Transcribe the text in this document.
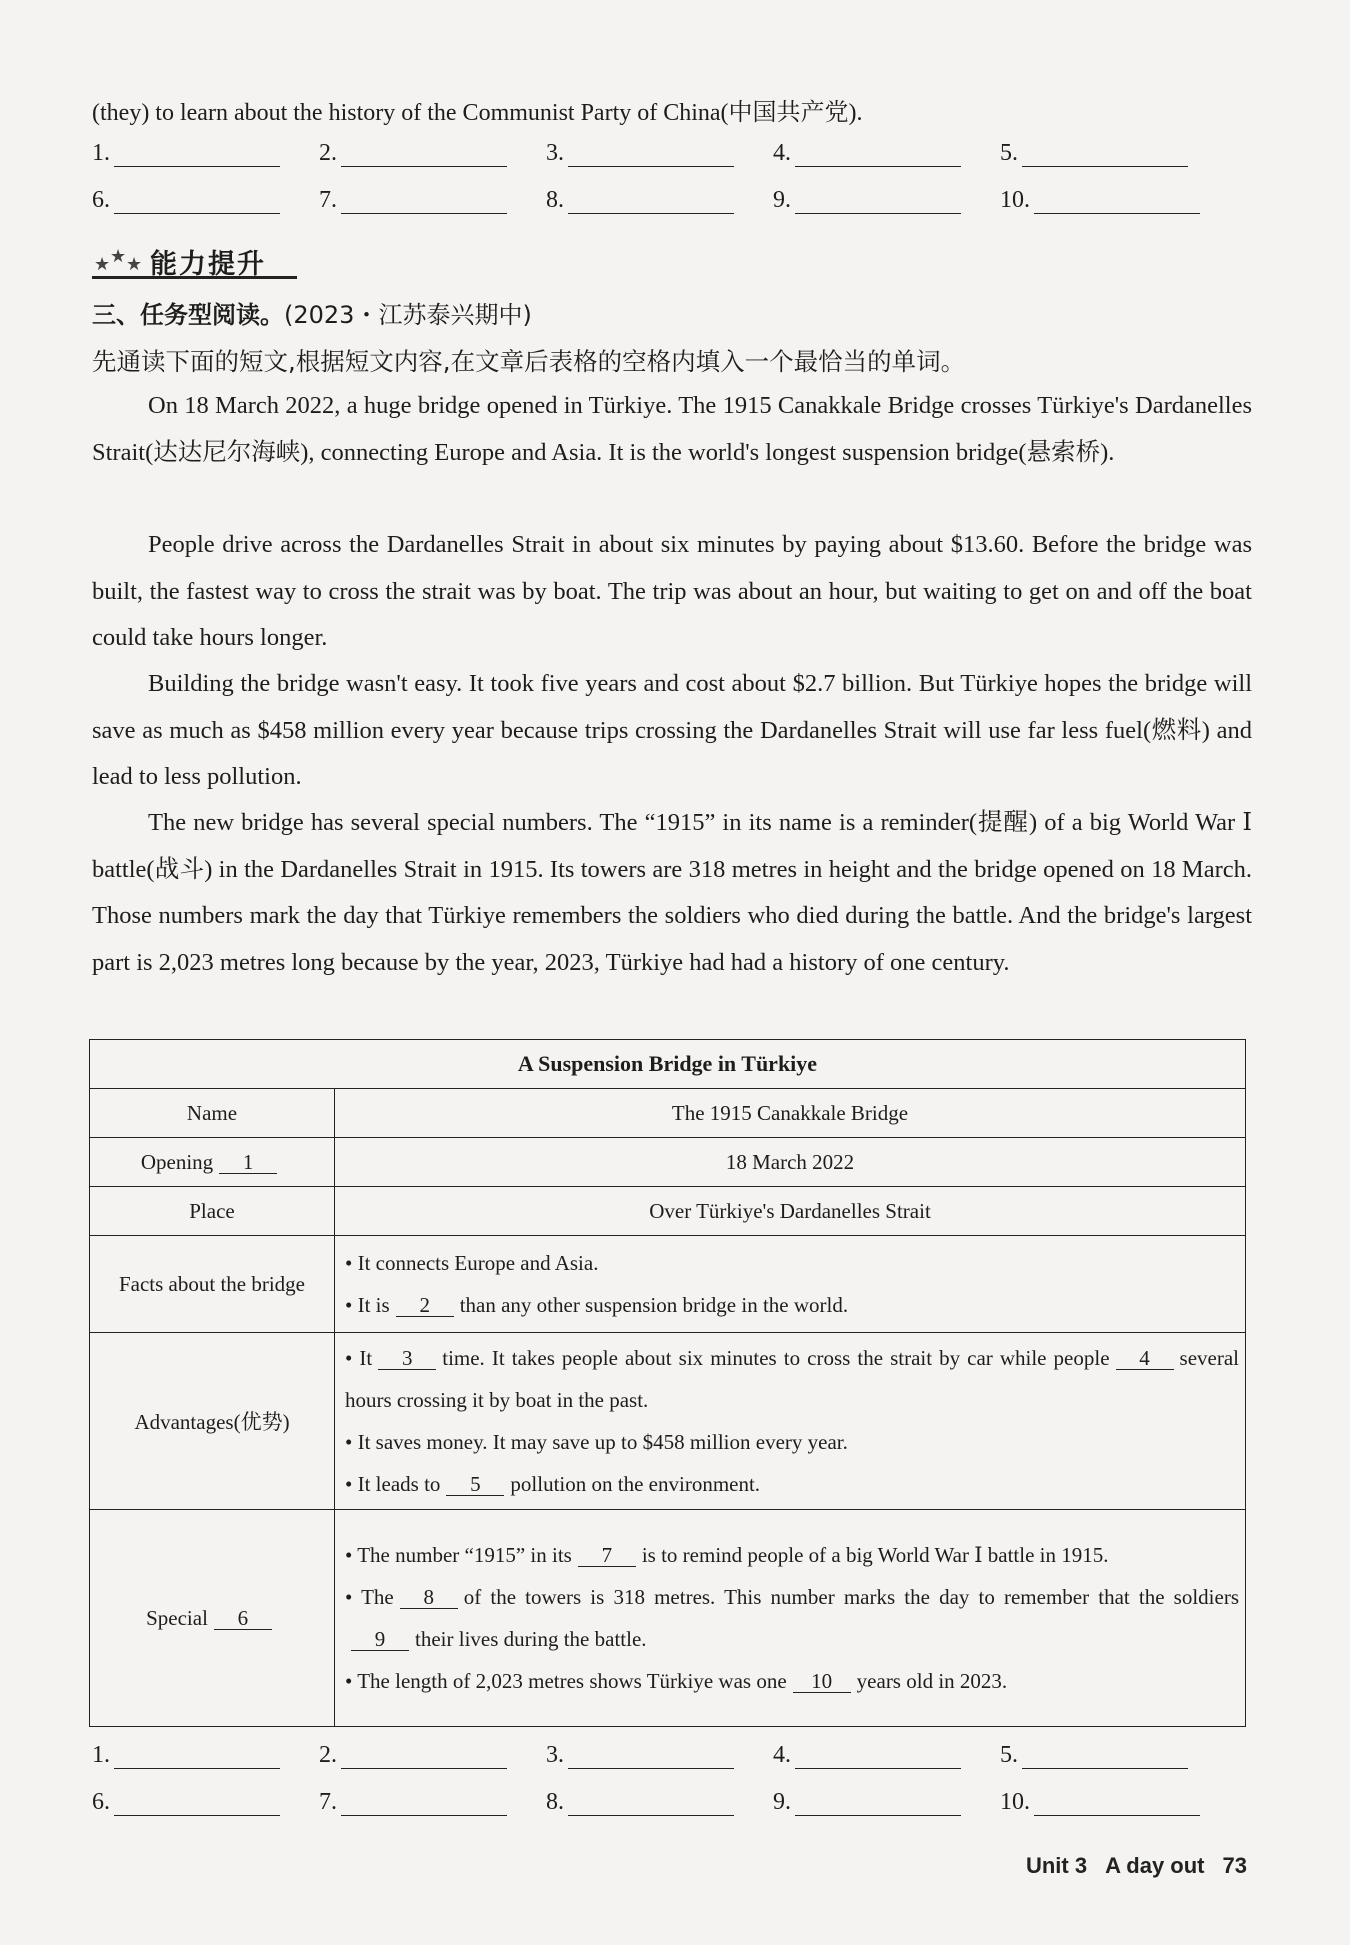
(they) to learn about the history of the Communist Party of China(中国共产党).
1.	2.	3.	4.	5.
6.	7.	8.	9.	10.
★ ★ ★ 能力提升
三、任务型阅读。(2023・江苏泰兴期中)
先通读下面的短文,根据短文内容,在文章后表格的空格内填入一个最恰当的单词。
On 18 March 2022, a huge bridge opened in Türkiye. The 1915 Canakkale Bridge crosses Türkiye's Dardanelles Strait(达达尼尔海峡), connecting Europe and Asia. It is the world's longest suspension bridge(悬索桥).
People drive across the Dardanelles Strait in about six minutes by paying about $13.60. Before the bridge was built, the fastest way to cross the strait was by boat. The trip was about an hour, but waiting to get on and off the boat could take hours longer.
Building the bridge wasn't easy. It took five years and cost about $2.7 billion. But Türkiye hopes the bridge will save as much as $458 million every year because trips crossing the Dardanelles Strait will use far less fuel(燃料) and lead to less pollution.
The new bridge has several special numbers. The “1915” in its name is a reminder(提醒) of a big World War Ⅰ battle(战斗) in the Dardanelles Strait in 1915. Its towers are 318 metres in height and the bridge opened on 18 March. Those numbers mark the day that Türkiye remembers the soldiers who died during the battle. And the bridge's largest part is 2,023 metres long because by the year, 2023, Türkiye had had a history of one century.
A Suspension Bridge in Türkiye	
Name	The 1915 Canakkale Bridge
Opening 1	18 March 2022
Place	Over Türkiye's Dardanelles Strait
Facts about the bridge	• It connects Europe and Asia.
• It is 2 than any other suspension bridge in the world.

Advantages(优势)	• It 3 time. It takes people about six minutes to cross the strait by car while people 4 several hours crossing it by boat in the past.
• It saves money. It may save up to $458 million every year.
• It leads to 5 pollution on the environment.

Special 6	• The number “1915” in its 7 is to remind people of a big World War Ⅰ battle in 1915.
• The 8 of the towers is 318 metres. This number marks the day to remember that the soldiers9 their lives during the battle.
• The length of 2,023 metres shows Türkiye was one 10 years old in 2023.
1.	2.	3.	4.	5.
6.	7.	8.	9.	10.
Unit 3 A day out 73
